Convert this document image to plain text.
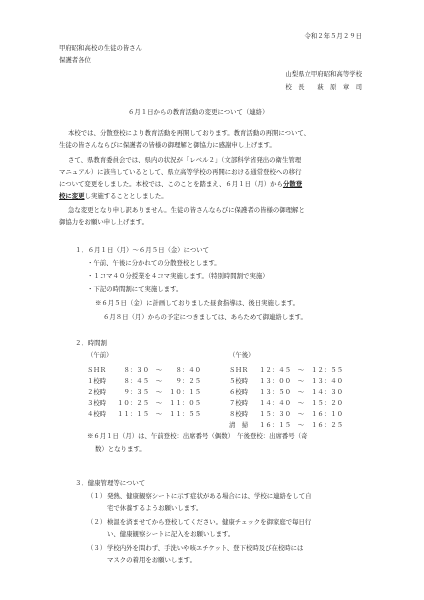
令和２年５月２９日
甲府昭和高校の生徒の皆さん
保護者各位
山梨県立甲府昭和高等学校
校　長　　萩　原　章　司
６月１日からの教育活動の変更について（連絡）
本校では、分散登校により教育活動を再開しております。教育活動の再開について、
生徒の皆さんならびに保護者の皆様の御理解と御協力に感謝申し上げます。
さて、県教育委員会では、県内の状況が「レベル２」（文部科学省発出の衛生管理
マニュアル）に該当しているとして、県立高等学校の再開における通常登校への移行
について変更をしました。本校では、このことを踏まえ、６月１日（月）から分散登
校に変更し実施することとしました。
急な変更となり申し訳ありません。生徒の皆さんならびに保護者の皆様の御理解と
御協力をお願い申し上げます。
１．６月１日（月）～６月５日（金）について
・午前、午後に分かれての分散登校とします。
・１コマ４０分授業を４コマ実施します。（特別時間割で実施）
・下記の時間割にて実施します。
※６月５日（金）に計画しておりました昼食指導は、後日実施します。
６月８日（月）からの予定につきましては、あらためて御連絡します。
２．時間割
（午前）	（午後）
ＳＨＲ	８：３０	～	８：４０
１校時	８：４５	～	９：２５
２校時	９：３５	～	１０：１５
３校時	１０：２５	～	１１：０５
４校時	１１：１５	～	１１：５５

ＳＨＲ	１２：４５	～	１２：５５
５校時	１３：００	～	１３：４０
６校時	１３：５０	～	１４：３０
７校時	１４：４０	～	１５：２０
８校時	１５：３０	～	１６：１０
清　掃	１６：１５	～	１６：２５
※６月１日（月）は、午前登校：出席番号（偶数）　午後登校：出席番号（奇
数）となります。
３．健康管理等について
（１） 発熱、健康観察シートに示す症状がある場合には、学校に連絡をして自
宅で休養するようお願いします。
（２） 検温を済ませてから登校してください。健康チェックを御家庭で毎日行
い、健康観察シートに記入をお願いします。
（３） 学校内外を問わず、手洗いや咳エチケット、登下校時及び在校時には
マスクの着用をお願いします。
